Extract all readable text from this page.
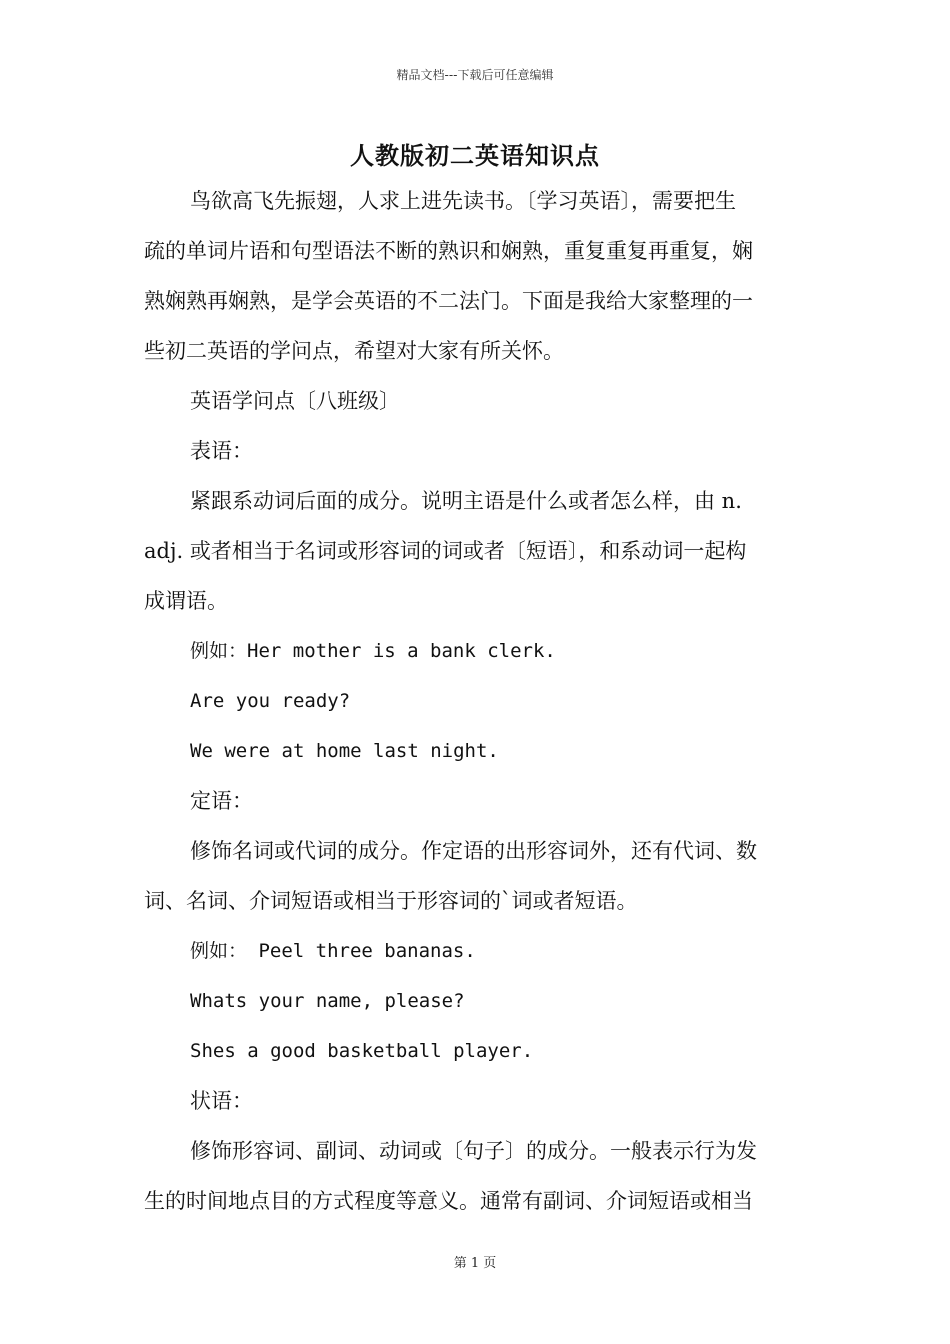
精品文档---下载后可任意编辑
人教版初二英语知识点
鸟欲高飞先振翅，人求上进先读书。〔学习英语〕，需要把生
疏的单词片语和句型语法不断的熟识和娴熟，重复重复再重复，娴
熟娴熟再娴熟，是学会英语的不二法门。下面是我给大家整理的一
些初二英语的学问点，希望对大家有所关怀。
英语学问点〔八班级〕
表语：
紧跟系动词后面的成分。说明主语是什么或者怎么样，由 n.
adj. 或者相当于名词或形容词的词或者〔短语〕，和系动词一起构
成谓语。
例如：Her mother is a bank clerk.
Are you ready?
We were at home last night.
定语：
修饰名词或代词的成分。作定语的出形容词外，还有代词、数
词、名词、介词短语或相当于形容词的`词或者短语。
例如： Peel three bananas.
Whats your name, please?
Shes a good basketball player.
状语：
修饰形容词、副词、动词或〔句子〕的成分。一般表示行为发
生的时间地点目的方式程度等意义。通常有副词、介词短语或相当
第 1 页
